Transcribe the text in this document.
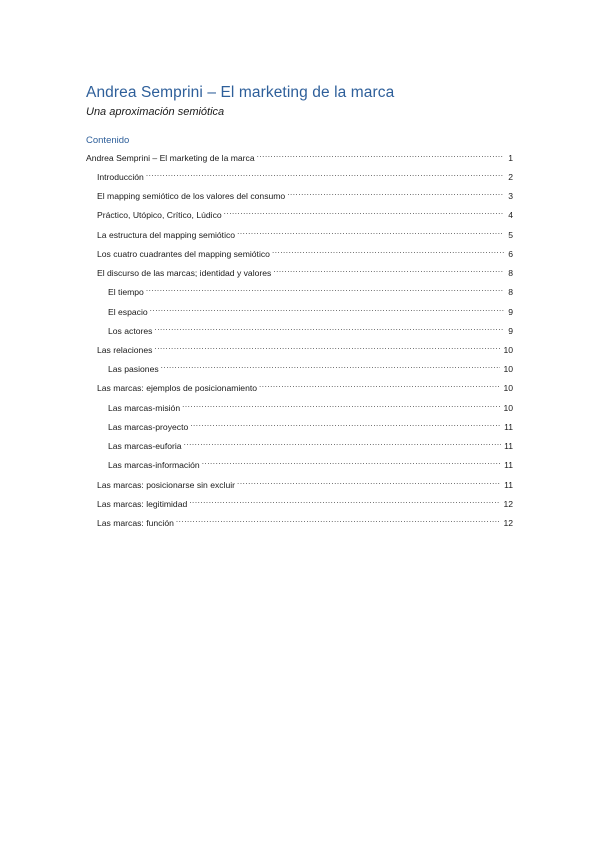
Andrea Semprini – El marketing de la marca
Una aproximación semiótica
Contenido
Andrea Semprini – El marketing de la marca .....	1
Introducción .....	2
El mapping semiótico de los valores del consumo .....	3
Práctico, Utópico, Crítico, Lúdico .....	4
La estructura del mapping semiótico .....	5
Los cuatro cuadrantes del mapping semiótico .....	6
El discurso de las marcas; identidad y valores .....	8
El tiempo .....	8
El espacio .....	9
Los actores .....	9
Las relaciones .....	10
Las pasiones .....	10
Las marcas: ejemplos de posicionamiento .....	10
Las marcas-misión .....	10
Las marcas-proyecto .....	11
Las marcas-euforia .....	11
Las marcas-información .....	11
Las marcas: posicionarse sin excluir .....	11
Las marcas: legitimidad .....	12
Las marcas: función .....	12
